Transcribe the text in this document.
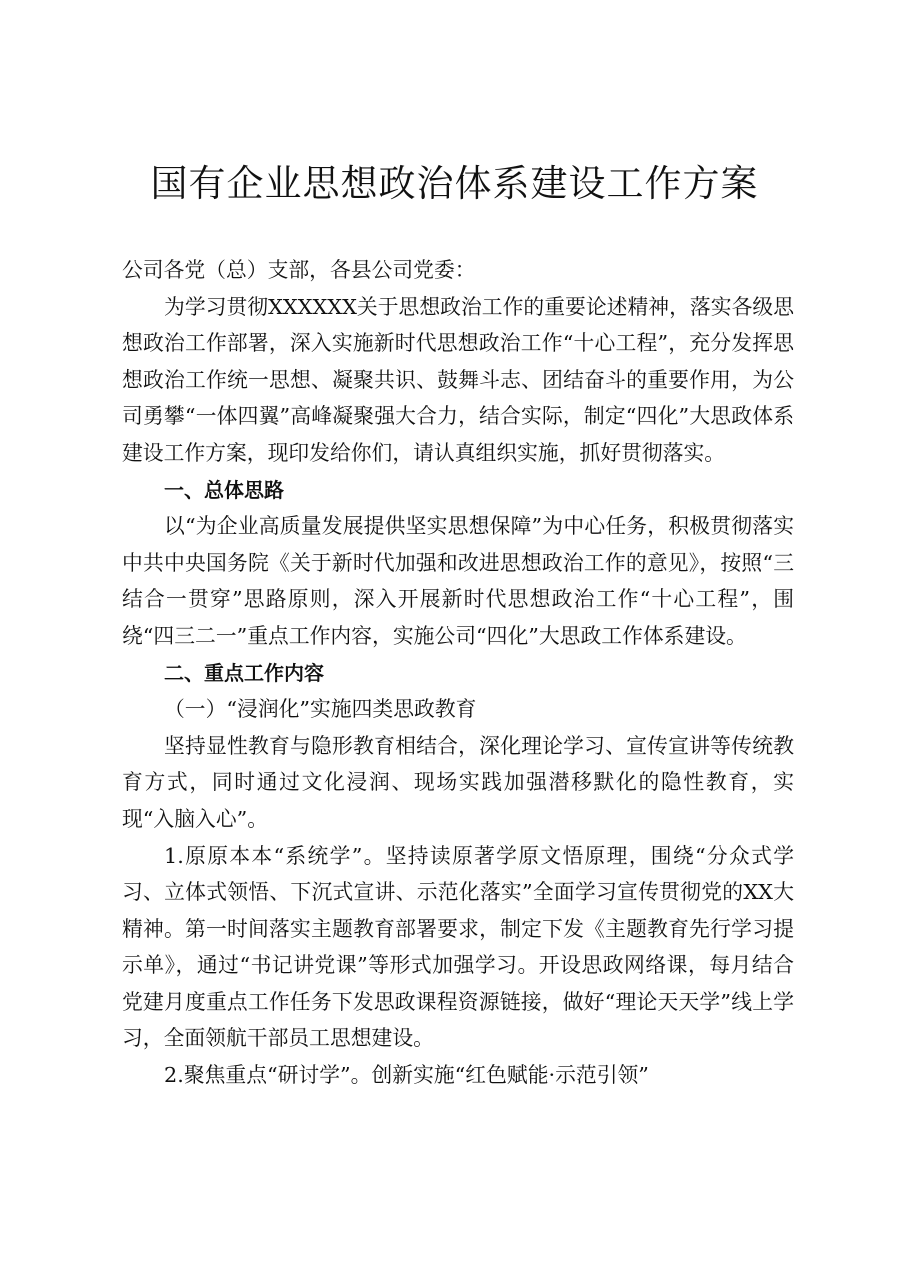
国有企业思想政治体系建设工作方案

公司各党（总）支部，各县公司党委：

为学习贯彻XXXXXX关于思想政治工作的重要论述精神，落实各级思想政治工作部署，深入实施新时代思想政治工作“十心工程”，充分发挥思想政治工作统一思想、凝聚共识、鼓舞斗志、团结奋斗的重要作用，为公司勇攀“一体四翼”高峰凝聚强大合力，结合实际，制定“四化”大思政体系建设工作方案，现印发给你们，请认真组织实施，抓好贯彻落实。

一、总体思路

以“为企业高质量发展提供坚实思想保障”为中心任务，积极贯彻落实中共中央国务院《关于新时代加强和改进思想政治工作的意见》，按照“三结合一贯穿”思路原则，深入开展新时代思想政治工作“十心工程”，围绕“四三二一”重点工作内容，实施公司“四化”大思政工作体系建设。

二、重点工作内容

（一）“浸润化”实施四类思政教育

坚持显性教育与隐形教育相结合，深化理论学习、宣传宣讲等传统教育方式，同时通过文化浸润、现场实践加强潜移默化的隐性教育，实现“入脑入心”。

1.原原本本“系统学”。坚持读原著学原文悟原理，围绕“分众式学习、立体式领悟、下沉式宣讲、示范化落实”全面学习宣传贯彻党的XX大精神。第一时间落实主题教育部署要求，制定下发《主题教育先行学习提示单》，通过“书记讲党课”等形式加强学习。开设思政网络课，每月结合党建月度重点工作任务下发思政课程资源链接，做好“理论天天学”线上学习，全面领航干部员工思想建设。

2.聚焦重点“研讨学”。创新实施“红色赋能·示范引领”
